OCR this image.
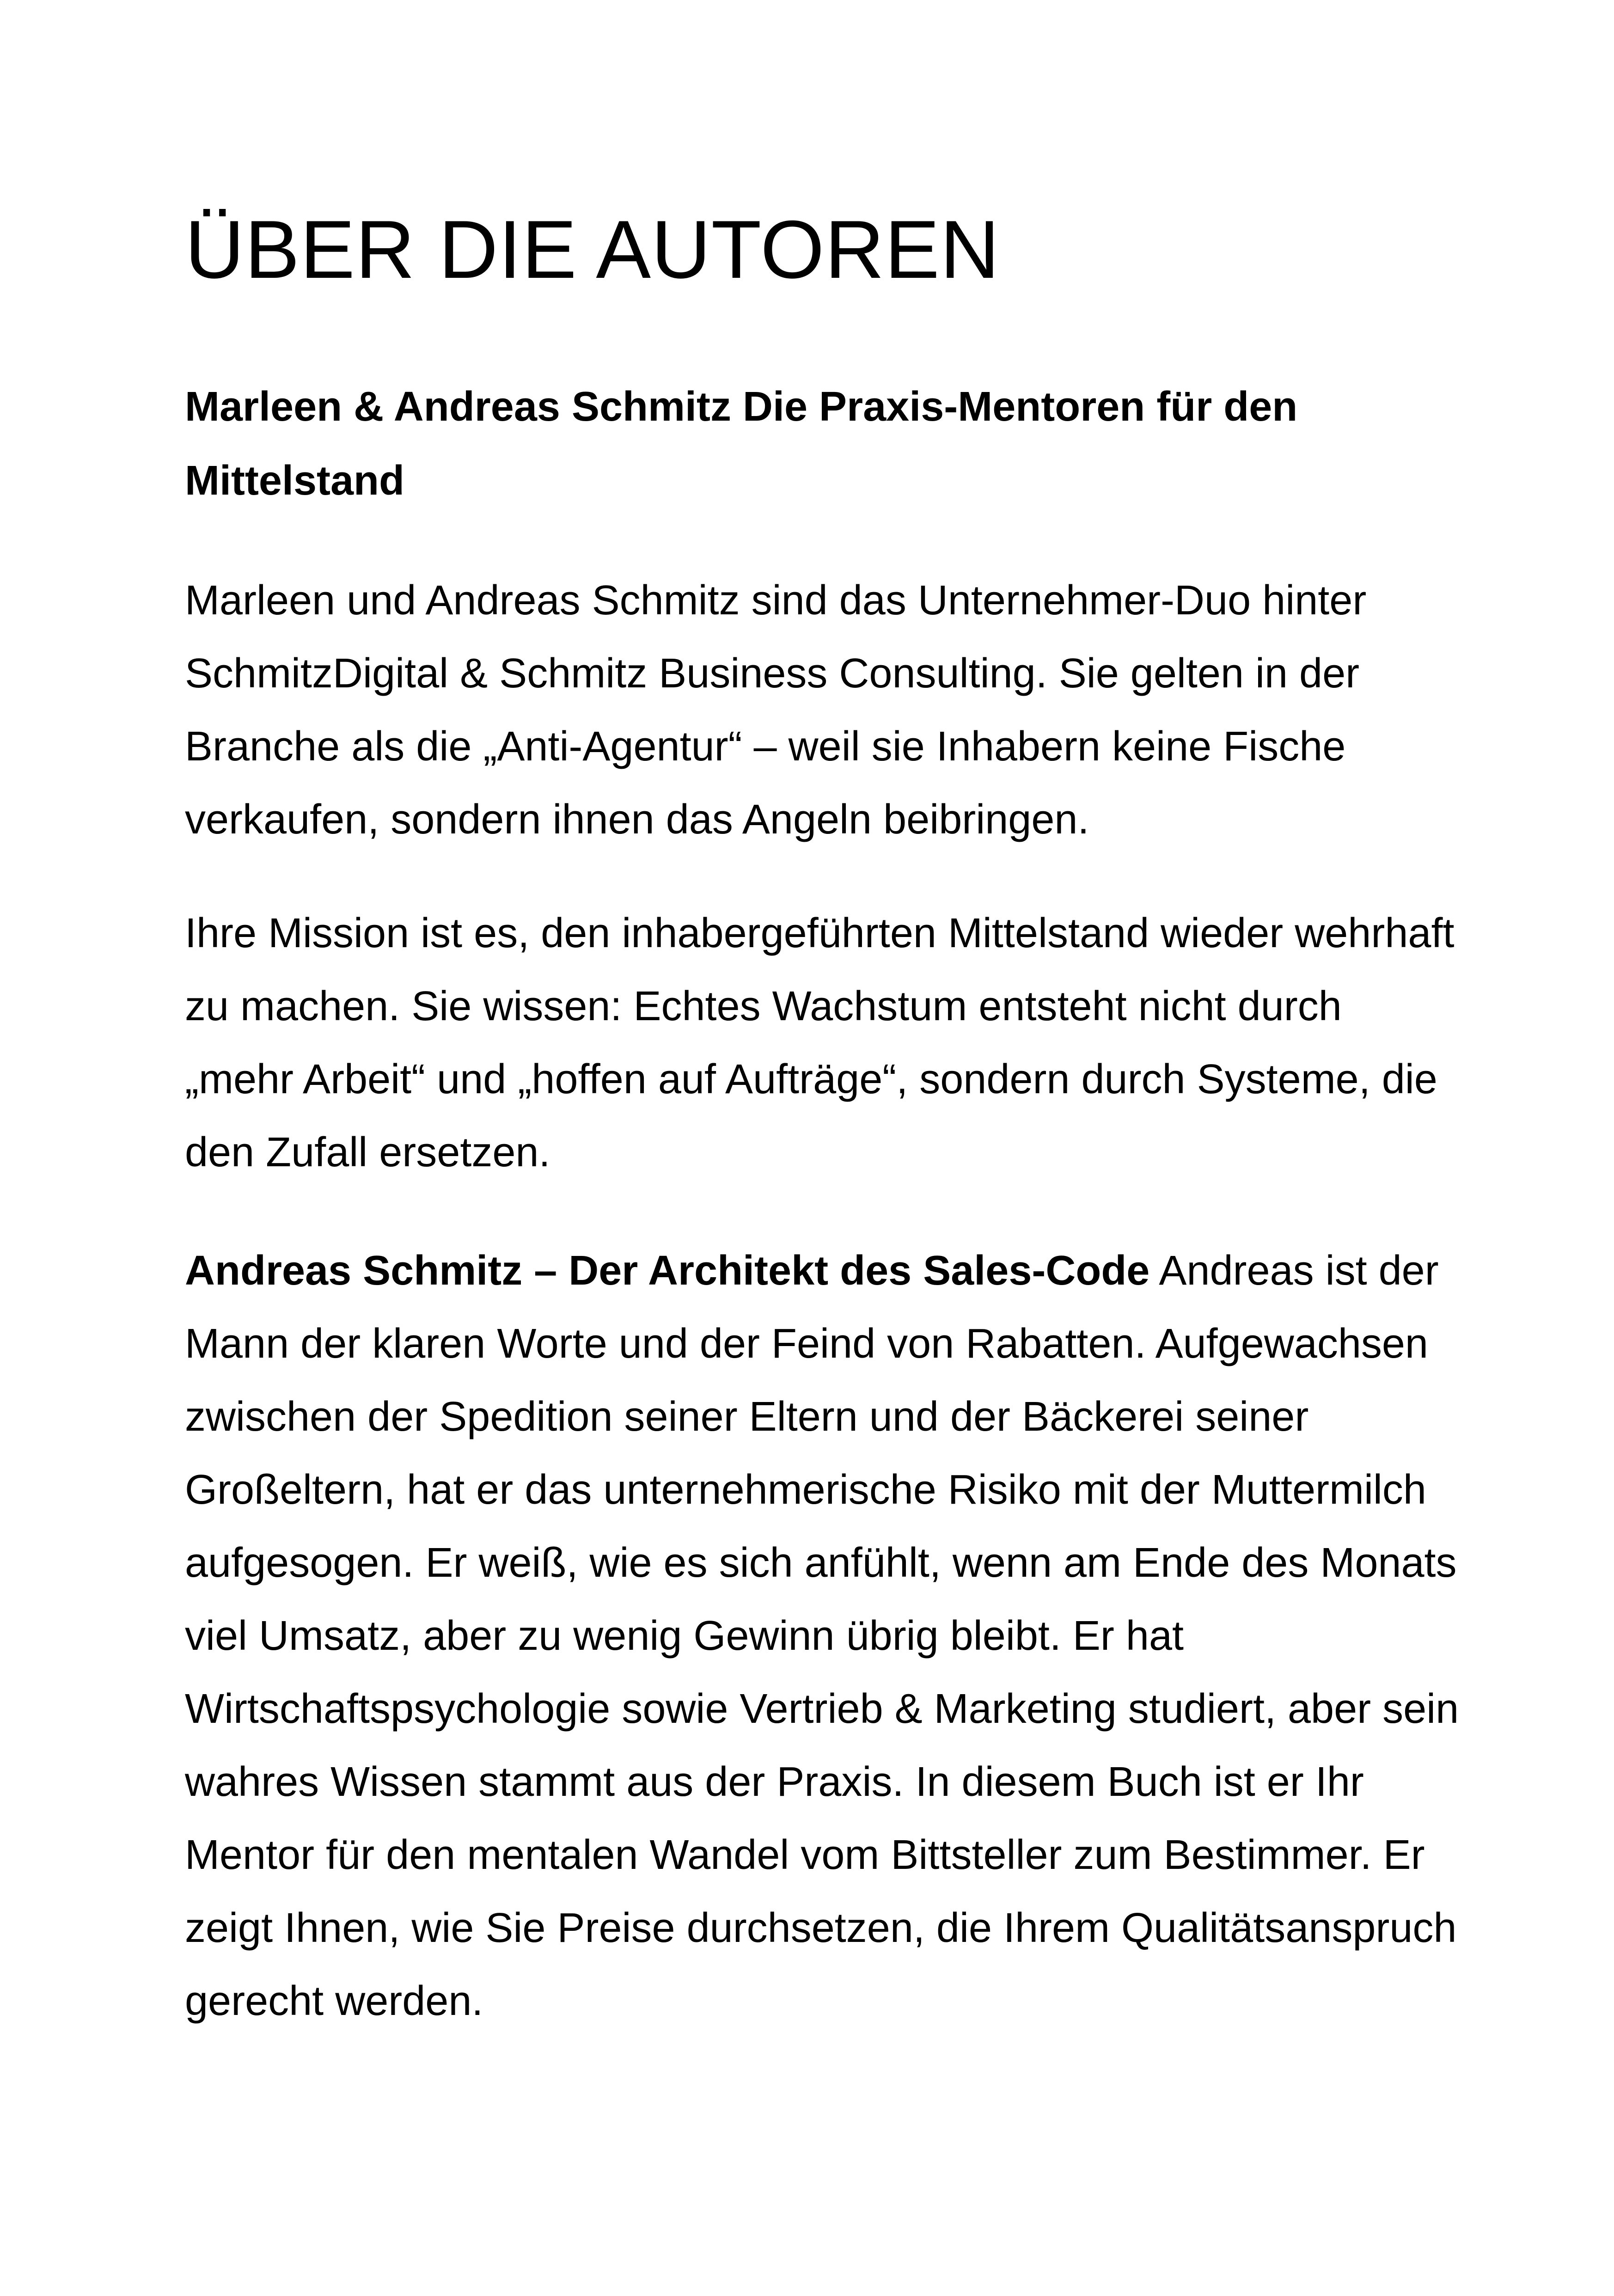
ÜBER DIE AUTOREN
Marleen & Andreas Schmitz Die Praxis-Mentoren für den Mittelstand

Marleen und Andreas Schmitz sind das Unternehmer-Duo hinter SchmitzDigital & Schmitz Business Consulting. Sie gelten in der Branche als die „Anti-Agentur“ – weil sie Inhabern keine Fische verkaufen, sondern ihnen das Angeln beibringen.

Ihre Mission ist es, den inhabergeführten Mittelstand wieder wehrhaft zu machen. Sie wissen: Echtes Wachstum entsteht nicht durch „mehr Arbeit“ und „hoffen auf Aufträge“, sondern durch Systeme, die den Zufall ersetzen.

Andreas Schmitz – Der Architekt des Sales-Code Andreas ist der Mann der klaren Worte und der Feind von Rabatten. Aufgewachsen zwischen der Spedition seiner Eltern und der Bäckerei seiner Großeltern, hat er das unternehmerische Risiko mit der Muttermilch aufgesogen. Er weiß, wie es sich anfühlt, wenn am Ende des Monats viel Umsatz, aber zu wenig Gewinn übrig bleibt. Er hat Wirtschaftspsychologie sowie Vertrieb & Marketing studiert, aber sein wahres Wissen stammt aus der Praxis. In diesem Buch ist er Ihr Mentor für den mentalen Wandel vom Bittsteller zum Bestimmer. Er zeigt Ihnen, wie Sie Preise durchsetzen, die Ihrem Qualitätsanspruch gerecht werden.
